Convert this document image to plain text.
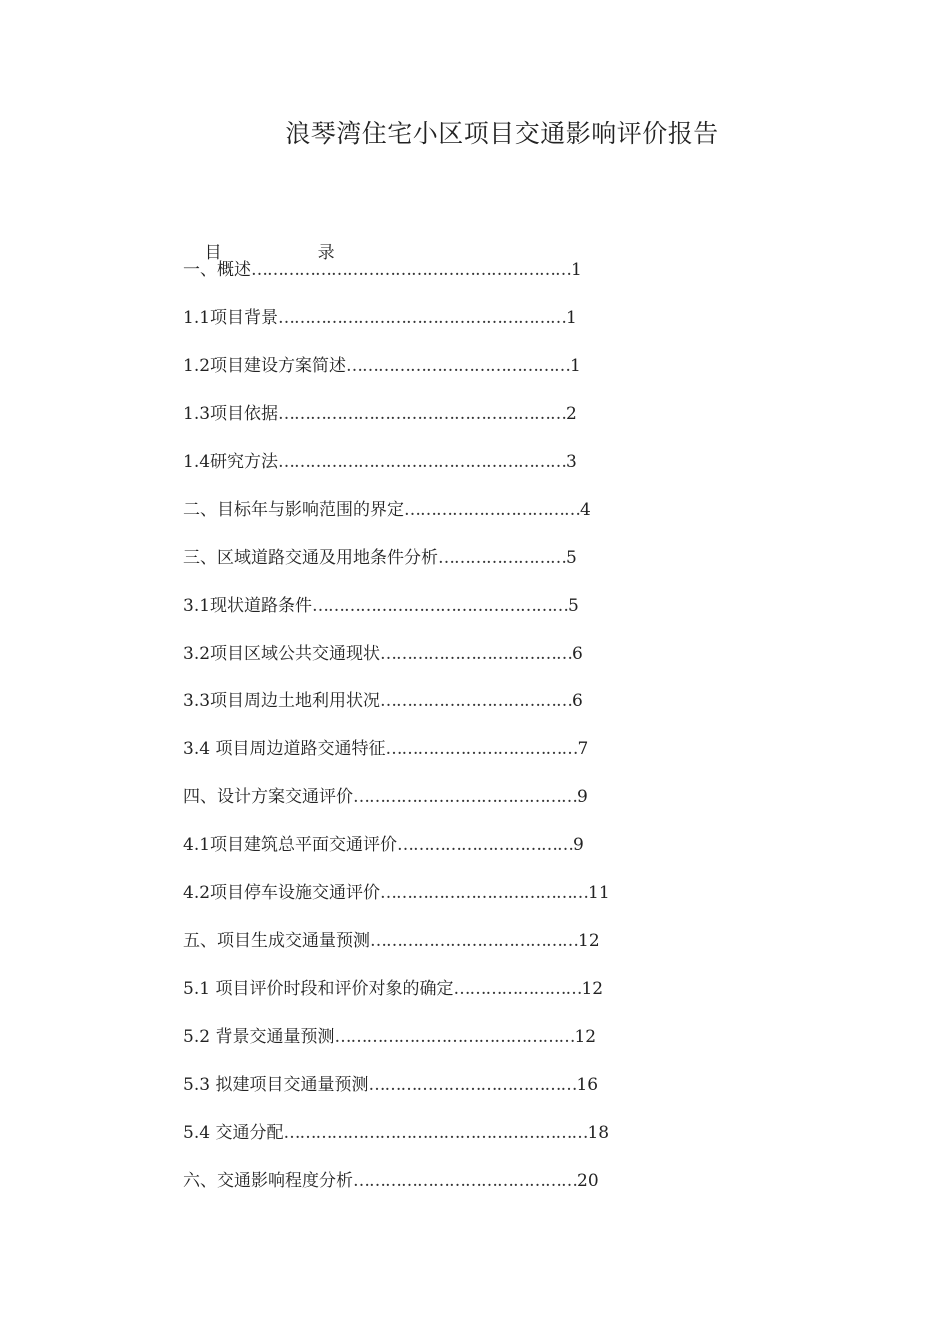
浪琴湾住宅小区项目交通影响评价报告

目	录

一、概述 …………………………………………………… 1
1.1项目背景 ……………………………………………… 1
1.2项目建设方案简述 …………………………………… 1
1.3项目依据 ……………………………………………… 2
1.4研究方法 ……………………………………………… 3
二、目标年与影响范围的界定 …………………………… 4
三、区域道路交通及用地条件分析 …………………… 5
3.1现状道路条件 ………………………………………… 5
3.2项目区域公共交通现状 ……………………………… 6
3.3项目周边土地利用状况 ……………………………… 6
3.4 项目周边道路交通特征 ……………………………… 7
四、设计方案交通评价 …………………………………… 9
4.1项目建筑总平面交通评价 …………………………… 9
4.2项目停车设施交通评价 ………………………………… 11
五、项目生成交通量预测 ………………………………… 12
5.1 项目评价时段和评价对象的确定 …………………… 12
5.2 背景交通量预测 ……………………………………… 12
5.3 拟建项目交通量预测 ………………………………… 16
5.4 交通分配 ………………………………………………… 18
六、交通影响程度分析 …………………………………… 20
